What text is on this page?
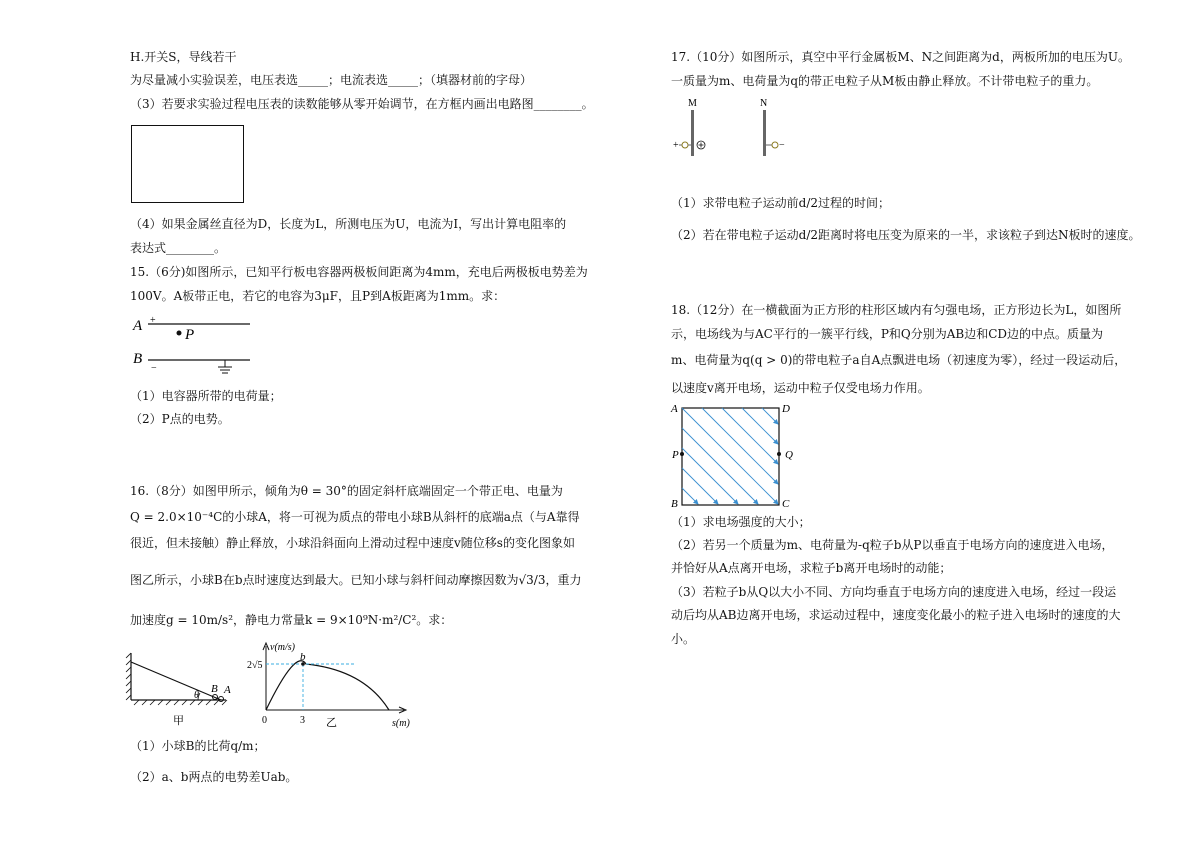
H.开关S，导线若干
为尽量减小实验误差，电压表选_____；电流表选_____；（填器材前的字母）
（3）若要求实验过程电压表的读数能够从零开始调节，在方框内画出电路图________。
（4）如果金属丝直径为D，长度为L，所测电压为U，电流为I，写出计算电阻率的
表达式________。
15.（6分)如图所示，已知平行板电容器两极板间距离为4mm，充电后两极板电势差为
100V。A板带正电，若它的电容为3μF，且P到A板距离为1mm。求：
A +
P
B
−
（1）电容器所带的电荷量；
（2）P点的电势。
16.（8分）如图甲所示，倾角为θ = 30°的固定斜杆底端固定一个带正电、电量为
Q = 2.0×10⁻⁴C的小球A，将一可视为质点的带电小球B从斜杆的底端a点（与A靠得
很近，但未接触）静止释放，小球沿斜面向上滑动过程中速度v随位移s的变化图象如
图乙所示，小球B在b点时速度达到最大。已知小球与斜杆间动摩擦因数为√3/3，重力
加速度g = 10m/s²，静电力常量k = 9×10⁹N·m²/C²。求：
θ
B A
甲
v(m/s)
s(m)
b
2√5
0	3 乙
（1）小球B的比荷q/m；
（2）a、b两点的电势差Uab。
17.（10分）如图所示，真空中平行金属板M、N之间距离为d，两板所加的电压为U。
一质量为m、电荷量为q的带正电粒子从M板由静止释放。不计带电粒子的重力。
M	N
+	−
（1）求带电粒子运动前d/2过程的时间；
（2）若在带电粒子运动d/2距离时将电压变为原来的一半，求该粒子到达N板时的速度。
18.（12分）在一横截面为正方形的柱形区域内有匀强电场，正方形边长为L，如图所
示，电场线为与AC平行的一簇平行线，P和Q分别为AB边和CD边的中点。质量为
m、电荷量为q(q > 0)的带电粒子a自A点飘进电场（初速度为零），经过一段运动后，
以速度v离开电场，运动中粒子仅受电场力作用。
A	D
B	C
P	Q
（1）求电场强度的大小；
（2）若另一个质量为m、电荷量为-q粒子b从P以垂直于电场方向的速度进入电场，
并恰好从A点离开电场，求粒子b离开电场时的动能；
（3）若粒子b从Q以大小不同、方向均垂直于电场方向的速度进入电场，经过一段运
动后均从AB边离开电场，求运动过程中，速度变化最小的粒子进入电场时的速度的大
小。
